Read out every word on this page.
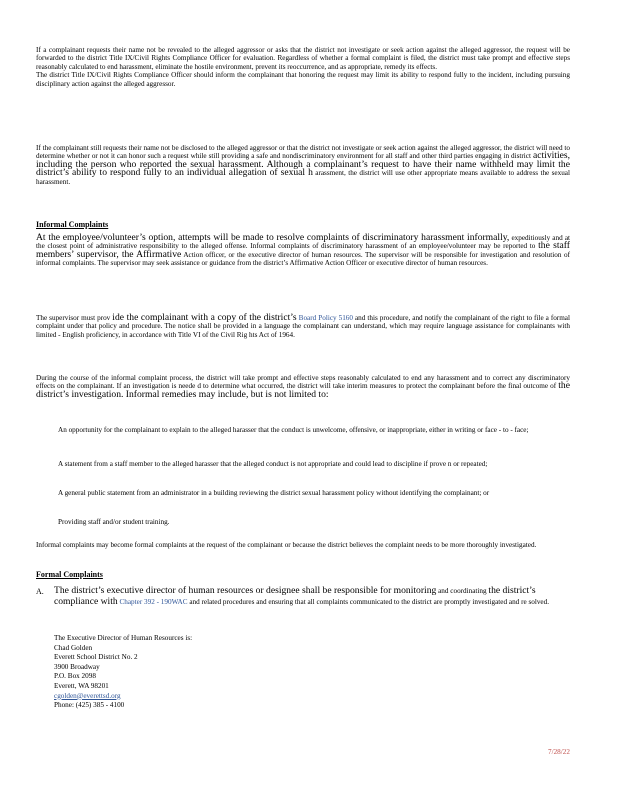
If a complainant requests their name not be revealed to the alleged aggressor or asks that the district not investigate or seek action against the alleged aggressor, the request will be forwarded to the district Title IX/Civil Rights Compliance Officer for evaluation. Regardless of whether a formal complaint is filed, the district must take prompt and effective steps reasonably calculated to end harassment, eliminate the hostile environment, prevent its reoccurrence, and as appropriate, remedy its effects.

The district Title IX/Civil Rights Compliance Officer should inform the complainant that honoring the request may limit its ability to respond fully to the incident, including pursuing disciplinary action against the alleged aggressor.

If the complainant still requests their name not be disclosed to the alleged aggressor or that the district not investigate or seek action against the alleged aggressor, the district will need to determine whether or not it can honor such a request while still providing a safe and nondiscriminatory environment for all staff and other third parties engaging in district activities, including the person who reported the sexual harassment. Although a complainant’s request to have their name withheld may limit the district’s ability to respond fully to an individual allegation of sexual h arassment, the district will use other appropriate means available to address the sexual harassment.

Informal Complaints

At the employee/volunteer’s option, attempts will be made to resolve complaints of discriminatory harassment informally, expeditiously and at the closest point of administrative responsibility to the alleged offense. Informal complaints of discriminatory harassment of an employee/volunteer may be reported to the staff members’ supervisor, the Affirmative Action officer, or the executive director of human resources. The supervisor will be responsible for investigation and resolution of informal complaints. The supervisor may seek assistance or guidance from the district’s Affirmative Action Officer or executive director of human resources.

The supervisor must prov ide the complainant with a copy of the district’s Board Policy 5160 and this procedure, and notify the complainant of the right to file a formal complaint under that policy and procedure. The notice shall be provided in a language the complainant can understand, which may require language assistance for complainants with limited - English proficiency, in accordance with Title VI of the Civil Rig hts Act of 1964.

During the course of the informal complaint process, the district will take prompt and effective steps reasonably calculated to end any harassment and to correct any discriminatory effects on the complainant. If an investigation is neede d to determine what occurred, the district will take interim measures to protect the complainant before the final outcome of the district’s investigation. Informal remedies may include, but is not limited to:

An opportunity for the complainant to explain to the alleged harasser that the conduct is unwelcome, offensive, or inappropriate, either in writing or face - to - face;
A statement from a staff member to the alleged harasser that the alleged conduct is not appropriate and could lead to discipline if prove n or repeated;
A general public statement from an administrator in a building reviewing the district sexual harassment policy without identifying the complainant; or
Providing staff and/or student training.

Informal complaints may become formal complaints at the request of the complainant or because the district believes the complaint needs to be more thoroughly investigated.

Formal Complaints

A. The district’s executive director of human resources or designee shall be responsible for monitoring and coordinating the district’s compliance with Chapter 392 - 190WAC and related procedures and ensuring that all complaints communicated to the district are promptly investigated and re solved.
The Executive Director of Human Resources is:
Chad Golden
Everett School District No. 2
3900 Broadway
P.O. Box 2098
Everett, WA 98201
cgolden@everettsd.org
Phone: (425) 385 - 4100
7/28/22
